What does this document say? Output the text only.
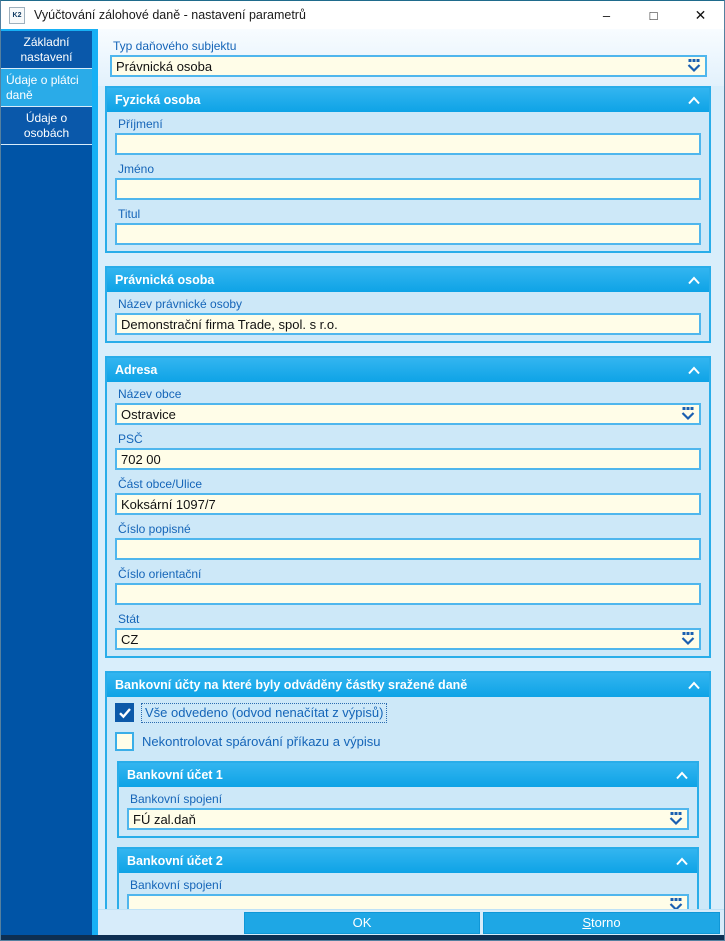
K2 Vyúčtování zálohové daně - nastavení parametrů	–	□	✕
Základní nastavení
Údaje o plátci daně
Údaje o osobách
Typ daňového subjektu
Právnická osoba
Fyzická osoba
Příjmení
Jméno
Titul
Právnická osoba
Název právnické osoby
Demonstrační firma Trade, spol. s r.o.
Adresa
Název obce
Ostravice
PSČ
702 00
Část obce/Ulice
Koksární 1097/7
Číslo popisné
Číslo orientační
Stát
CZ
Bankovní účty na které byly odváděny částky sražené daně
Vše odvedeno (odvod nenačítat z výpisů)
Nekontrolovat spárování příkazu a výpisu
Bankovní účet 1
Bankovní spojení
FÚ zal.daň
Bankovní účet 2
Bankovní spojení
OK	Storno
